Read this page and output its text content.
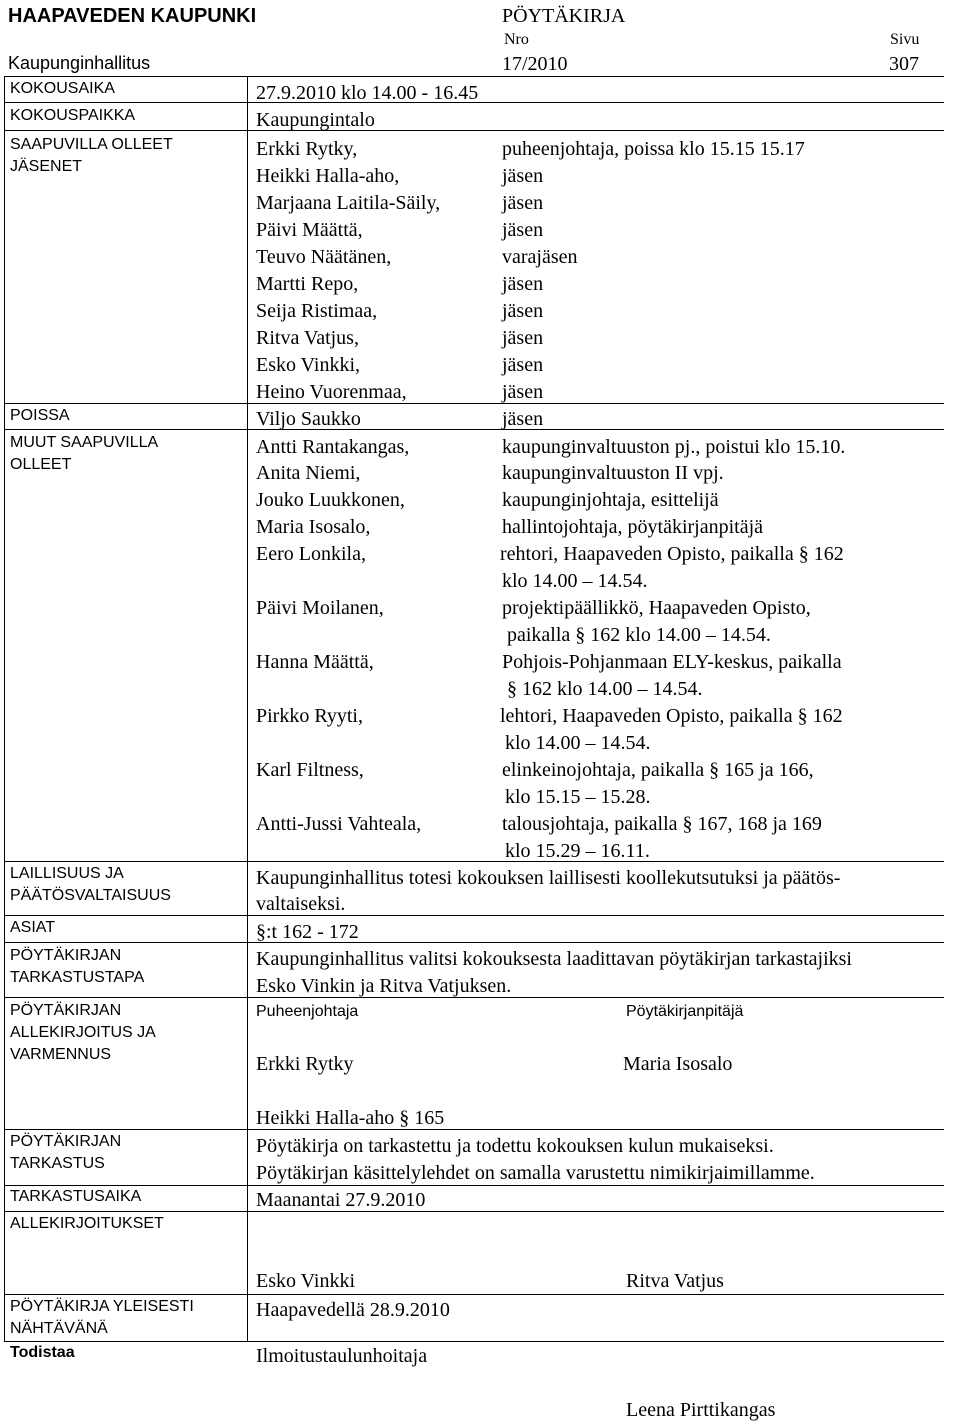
HAAPAVEDEN KAUPUNKI	PÖYTÄKIRJA
Nro	Sivu
Kaupunginhallitus	17/2010	307
KOKOUSAIKA	27.9.2010 klo 14.00 - 16.45
KOKOUSPAIKKA	Kaupungintalo
SAAPUVILLA OLLEET
JÄSENET
Erkki Rytky,	puheenjohtaja, poissa klo 15.15 15.17
Heikki Halla-aho,	jäsen
Marjaana Laitila-Säily,	jäsen
Päivi Määttä,	jäsen
Teuvo Näätänen,	varajäsen
Martti Repo,	jäsen
Seija Ristimaa,	jäsen
Ritva Vatjus,	jäsen
Esko Vinkki,	jäsen
Heino Vuorenmaa,	jäsen
POISSA	Viljo Saukko	jäsen
MUUT SAAPUVILLA
OLLEET
Antti Rantakangas,	kaupunginvaltuuston pj., poistui klo 15.10.
Anita Niemi,	kaupunginvaltuuston II vpj.
Jouko Luukkonen,	kaupunginjohtaja, esittelijä
Maria Isosalo,	hallintojohtaja, pöytäkirjanpitäjä
Eero Lonkila,	rehtori, Haapaveden Opisto, paikalla § 162
klo 14.00 – 14.54.
Päivi Moilanen,	projektipäällikkö, Haapaveden Opisto,
paikalla § 162 klo 14.00 – 14.54.
Hanna Määttä,	Pohjois-Pohjanmaan ELY-keskus, paikalla
§ 162 klo 14.00 – 14.54.
Pirkko Ryyti,	lehtori, Haapaveden Opisto, paikalla § 162
klo 14.00 – 14.54.
Karl Filtness,	elinkeinojohtaja, paikalla § 165 ja 166,
klo 15.15 – 15.28.
Antti-Jussi Vahteala,	talousjohtaja, paikalla § 167, 168 ja 169
klo 15.29 – 16.11.
LAILLISUUS JA
PÄÄTÖSVALTAISUUS
Kaupunginhallitus totesi kokouksen laillisesti koollekutsutuksi ja päätös-
valtaiseksi.
ASIAT	§:t 162 - 172
PÖYTÄKIRJAN
TARKASTUSTAPA
Kaupunginhallitus valitsi kokouksesta laadittavan pöytäkirjan tarkastajiksi
Esko Vinkin ja Ritva Vatjuksen.
PÖYTÄKIRJAN
ALLEKIRJOITUS JA
VARMENNUS
Puheenjohtaja	Pöytäkirjanpitäjä
Erkki Rytky	Maria Isosalo
Heikki Halla-aho § 165
PÖYTÄKIRJAN
TARKASTUS
Pöytäkirja on tarkastettu ja todettu kokouksen kulun mukaiseksi.
Pöytäkirjan käsittelylehdet on samalla varustettu nimikirjaimillamme.
TARKASTUSAIKA	Maanantai 27.9.2010
ALLEKIRJOITUKSET
Esko Vinkki	Ritva Vatjus
PÖYTÄKIRJA YLEISESTI
NÄHTÄVÄNÄ
Haapavedellä 28.9.2010
Todistaa	Ilmoitustaulunhoitaja
Leena Pirttikangas
